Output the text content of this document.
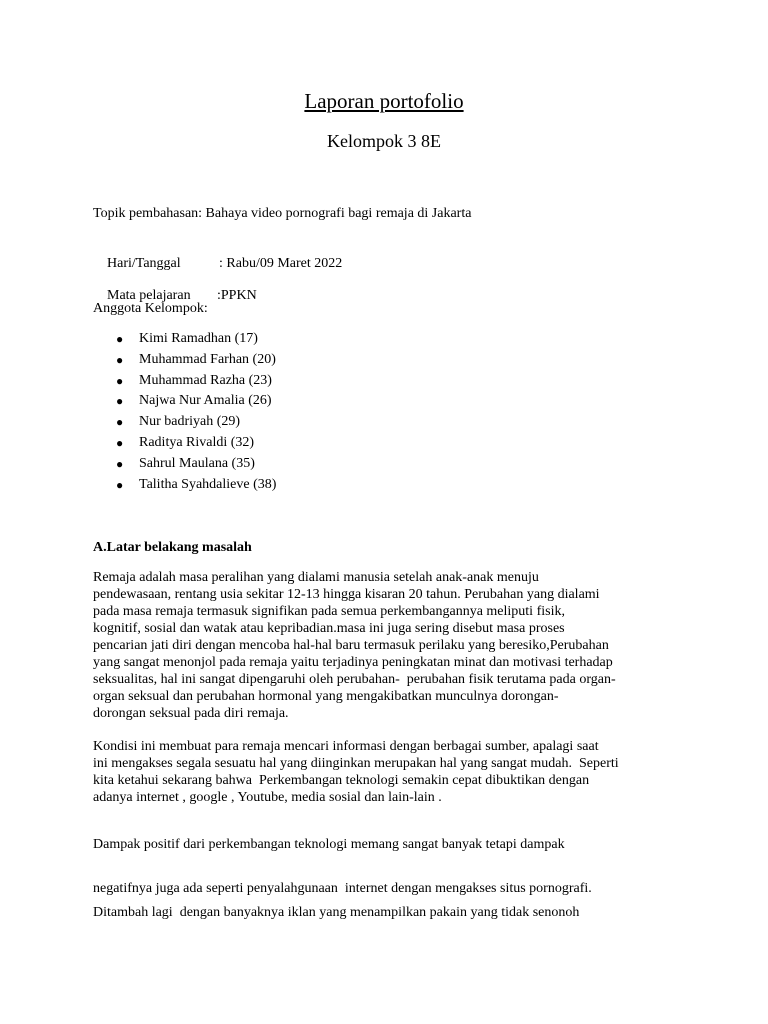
Laporan portofolio
Kelompok 3 8E
Topik pembahasan: Bahaya video pornografi bagi remaja di Jakarta

Hari/Tanggal	: Rabu/09 Maret 2022

Mata pelajaran :PPKN

Anggota Kelompok:
● Kimi Ramadhan (17)
● Muhammad Farhan (20)
● Muhammad Razha (23)
● Najwa Nur Amalia (26)
● Nur badriyah (29)
● Raditya Rivaldi (32)
● Sahrul Maulana (35)
● Talitha Syahdalieve (38)
A.Latar belakang masalah
Remaja adalah masa peralihan yang dialami manusia setelah anak-anak menuju
pendewasaan, rentang usia sekitar 12-13 hingga kisaran 20 tahun. Perubahan yang dialami
pada masa remaja termasuk signifikan pada semua perkembangannya meliputi fisik,
kognitif, sosial dan watak atau kepribadian.masa ini juga sering disebut masa proses
pencarian jati diri dengan mencoba hal-hal baru termasuk perilaku yang beresiko,Perubahan
yang sangat menonjol pada remaja yaitu terjadinya peningkatan minat dan motivasi terhadap
seksualitas, hal ini sangat dipengaruhi oleh perubahan-  perubahan fisik terutama pada organ-
organ seksual dan perubahan hormonal yang mengakibatkan munculnya dorongan-
dorongan seksual pada diri remaja.
Kondisi ini membuat para remaja mencari informasi dengan berbagai sumber, apalagi saat
ini mengakses segala sesuatu hal yang diinginkan merupakan hal yang sangat mudah.  Seperti
kita ketahui sekarang bahwa  Perkembangan teknologi semakin cepat dibuktikan dengan
adanya internet , google , Youtube, media sosial dan lain-lain .
Dampak positif dari perkembangan teknologi memang sangat banyak tetapi dampak
negatifnya juga ada seperti penyalahgunaan  internet dengan mengakses situs pornografi.
Ditambah lagi  dengan banyaknya iklan yang menampilkan pakain yang tidak senonoh
